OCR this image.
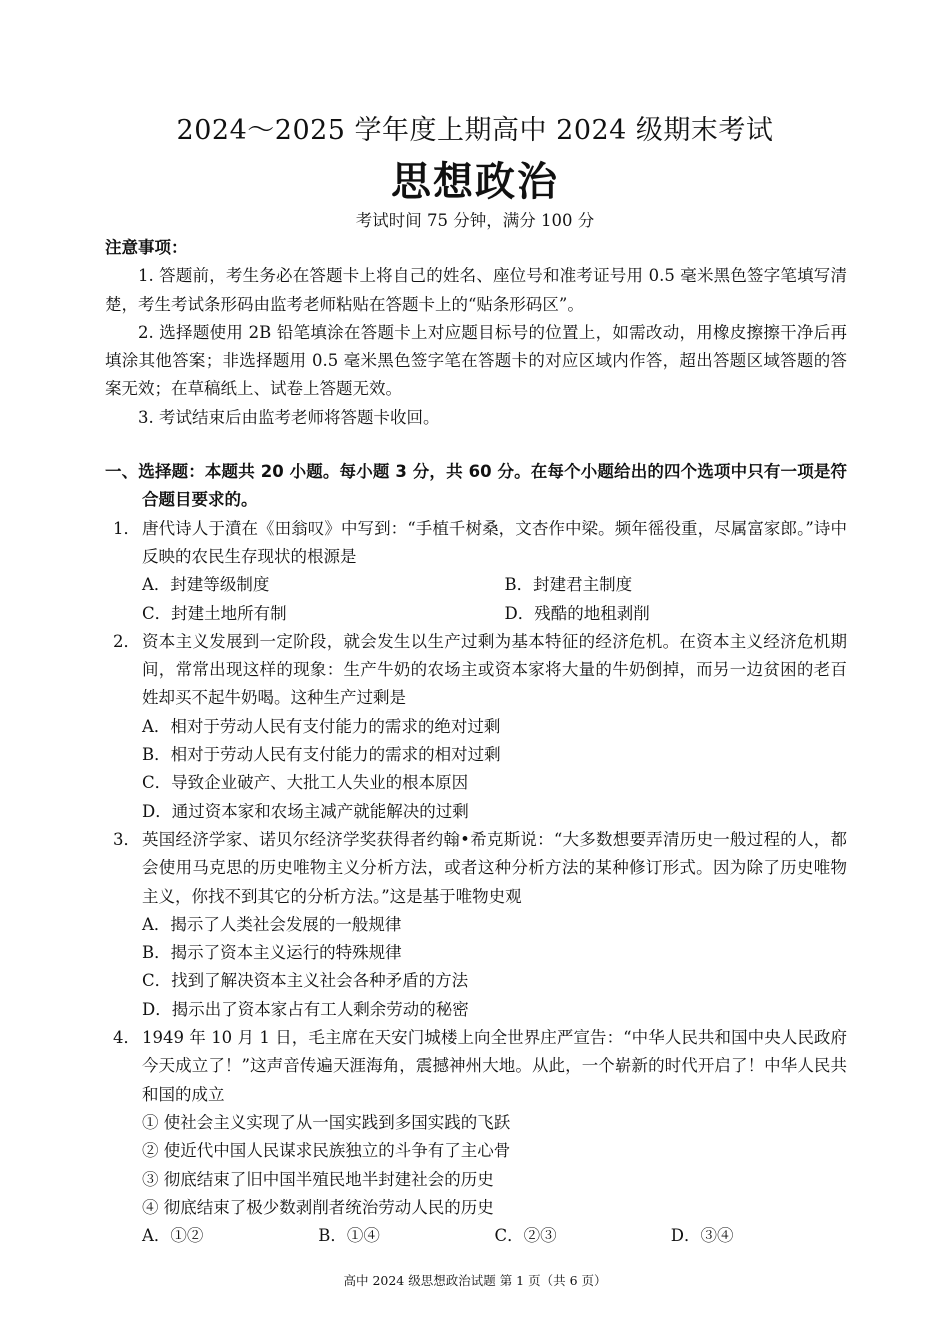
2024～2025 学年度上期高中 2024 级期末考试
思想政治
考试时间 75 分钟，满分 100 分
注意事项：
1. 答题前，考生务必在答题卡上将自己的姓名、座位号和准考证号用 0.5 毫米黑色签字笔填写清楚，考生考试条形码由监考老师粘贴在答题卡上的“贴条形码区”。
2. 选择题使用 2B 铅笔填涂在答题卡上对应题目标号的位置上，如需改动，用橡皮擦擦干净后再填涂其他答案；非选择题用 0.5 毫米黑色签字笔在答题卡的对应区域内作答，超出答题区域答题的答案无效；在草稿纸上、试卷上答题无效。
3. 考试结束后由监考老师将答题卡收回。
一、选择题：本题共 20 小题。每小题 3 分，共 60 分。在每个小题给出的四个选项中只有一项是符合题目要求的。
1． 唐代诗人于濆在《田翁叹》中写到：“手植千树桑，文杏作中梁。频年徭役重，尽属富家郎。”诗中反映的农民生存现状的根源是
A．封建等级制度	B．封建君主制度
C．封建土地所有制	D．残酷的地租剥削
2． 资本主义发展到一定阶段，就会发生以生产过剩为基本特征的经济危机。在资本主义经济危机期间，常常出现这样的现象：生产牛奶的农场主或资本家将大量的牛奶倒掉，而另一边贫困的老百姓却买不起牛奶喝。这种生产过剩是
A．相对于劳动人民有支付能力的需求的绝对过剩
B．相对于劳动人民有支付能力的需求的相对过剩
C．导致企业破产、大批工人失业的根本原因
D．通过资本家和农场主减产就能解决的过剩
3． 英国经济学家、诺贝尔经济学奖获得者约翰•希克斯说：“大多数想要弄清历史一般过程的人，都会使用马克思的历史唯物主义分析方法，或者这种分析方法的某种修订形式。因为除了历史唯物主义，你找不到其它的分析方法。”这是基于唯物史观
A．揭示了人类社会发展的一般规律
B．揭示了资本主义运行的特殊规律
C．找到了解决资本主义社会各种矛盾的方法
D．揭示出了资本家占有工人剩余劳动的秘密
4． 1949 年 10 月 1 日，毛主席在天安门城楼上向全世界庄严宣告：“中华人民共和国中央人民政府今天成立了！”这声音传遍天涯海角，震撼神州大地。从此，一个崭新的时代开启了！中华人民共和国的成立
① 使社会主义实现了从一国实践到多国实践的飞跃
② 使近代中国人民谋求民族独立的斗争有了主心骨
③ 彻底结束了旧中国半殖民地半封建社会的历史
④ 彻底结束了极少数剥削者统治劳动人民的历史
A．①②	B．①④	C．②③	D．③④
高中 2024 级思想政治试题 第 1 页（共 6 页）
